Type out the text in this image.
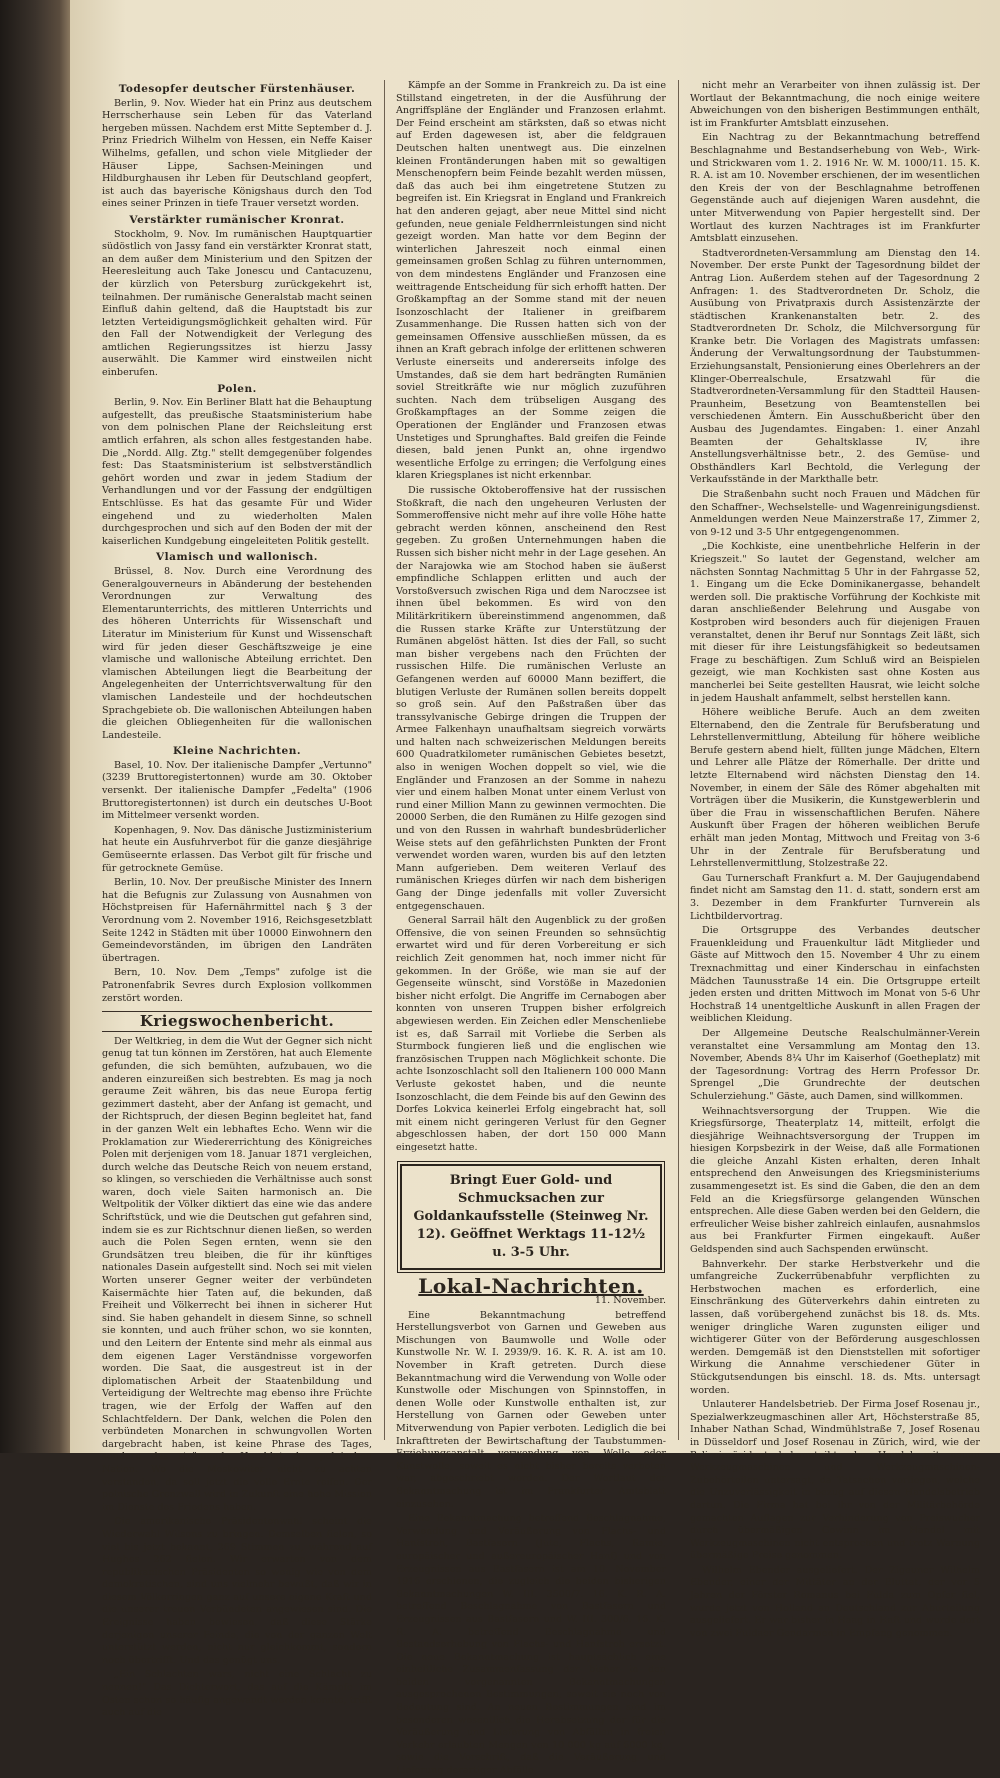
Todesopfer deutscher Fürstenhäuser.

Berlin, 9. Nov. Wieder hat ein Prinz aus deutschem Herrscherhause sein Leben für das Vaterland hergeben müssen. Nachdem erst Mitte September d. J. Prinz Friedrich Wilhelm von Hessen, ein Neffe Kaiser Wilhelms, gefallen, und schon viele Mitglieder der Häuser Lippe, Sachsen-Meiningen und Hildburghausen ihr Leben für Deutschland geopfert, ist auch das bayerische Königshaus durch den Tod eines seiner Prinzen in tiefe Trauer versetzt worden.

Verstärkter rumänischer Kronrat.

Stockholm, 9. Nov. Im rumänischen Hauptquartier südöstlich von Jassy fand ein verstärkter Kronrat statt, an dem außer dem Ministerium und den Spitzen der Heeresleitung auch Take Jonescu und Cantacuzenu, der kürzlich von Petersburg zurückgekehrt ist, teilnahmen. Der rumänische Generalstab macht seinen Einfluß dahin geltend, daß die Hauptstadt bis zur letzten Verteidigungsmöglichkeit gehalten wird. Für den Fall der Notwendigkeit der Verlegung des amtlichen Regierungssitzes ist hierzu Jassy auserwählt. Die Kammer wird einstweilen nicht einberufen.

Polen.

Berlin, 9. Nov. Ein Berliner Blatt hat die Behauptung aufgestellt, das preußische Staatsministerium habe von dem polnischen Plane der Reichsleitung erst amtlich erfahren, als schon alles festgestanden habe. Die „Nordd. Allg. Ztg." stellt demgegenüber folgendes fest: Das Staatsministerium ist selbstverständlich gehört worden und zwar in jedem Stadium der Verhandlungen und vor der Fassung der endgültigen Entschlüsse. Es hat das gesamte Für und Wider eingehend und zu wiederholten Malen durchgesprochen und sich auf den Boden der mit der kaiserlichen Kundgebung eingeleiteten Politik gestellt.

Vlamisch und wallonisch.

Brüssel, 8. Nov. Durch eine Verordnung des Generalgouverneurs in Abänderung der bestehenden Verordnungen zur Verwaltung des Elementarunterrichts, des mittleren Unterrichts und des höheren Unterrichts für Wissenschaft und Literatur im Ministerium für Kunst und Wissenschaft wird für jeden dieser Geschäftszweige je eine vlamische und wallonische Abteilung errichtet. Den vlamischen Abteilungen liegt die Bearbeitung der Angelegenheiten der Unterrichtsverwaltung für den vlamischen Landesteile und der hochdeutschen Sprachgebiete ob. Die wallonischen Abteilungen haben die gleichen Obliegenheiten für die wallonischen Landesteile.

Kleine Nachrichten.

Basel, 10. Nov. Der italienische Dampfer „Vertunno" (3239 Bruttoregistertonnen) wurde am 30. Oktober versenkt. Der italienische Dampfer „Fedelta" (1906 Bruttoregistertonnen) ist durch ein deutsches U-Boot im Mittelmeer versenkt worden.

Kopenhagen, 9. Nov. Das dänische Justizministerium hat heute ein Ausfuhrverbot für die ganze diesjährige Gemüseernte erlassen. Das Verbot gilt für frische und für getrocknete Gemüse.

Berlin, 10. Nov. Der preußische Minister des Innern hat die Befugnis zur Zulassung von Ausnahmen von Höchstpreisen für Hafernährmittel nach § 3 der Verordnung vom 2. November 1916, Reichsgesetzblatt Seite 1242 in Städten mit über 10000 Einwohnern den Gemeindevorständen, im übrigen den Landräten übertragen.

Bern, 10. Nov. Dem „Temps" zufolge ist die Patronenfabrik Sevres durch Explosion vollkommen zerstört worden.

Kriegswochenbericht.

Der Weltkrieg, in dem die Wut der Gegner sich nicht genug tat tun können im Zerstören, hat auch Elemente gefunden, die sich bemühten, aufzubauen, wo die anderen einzureißen sich bestrebten. Es mag ja noch geraume Zeit währen, bis das neue Europa fertig gezimmert dasteht, aber der Anfang ist gemacht, und der Richtspruch, der diesen Beginn begleitet hat, fand in der ganzen Welt ein lebhaftes Echo. Wenn wir die Proklamation zur Wiedererrichtung des Königreiches Polen mit derjenigen vom 18. Januar 1871 vergleichen, durch welche das Deutsche Reich von neuem erstand, so klingen, so verschieden die Verhältnisse auch sonst waren, doch viele Saiten harmonisch an. Die Weltpolitik der Völker diktiert das eine wie das andere Schriftstück, und wie die Deutschen gut gefahren sind, indem sie es zur Richtschnur dienen ließen, so werden auch die Polen Segen ernten, wenn sie den Grundsätzen treu bleiben, die für ihr künftiges nationales Dasein aufgestellt sind. Noch sei mit vielen Worten unserer Gegner weiter der verbündeten Kaisermächte hier Taten auf, die bekunden, daß Freiheit und Völkerrecht bei ihnen in sicherer Hut sind. Sie haben gehandelt in diesem Sinne, so schnell sie konnten, und auch früher schon, wo sie konnten, und den Leitern der Entente sind mehr als einmal aus dem eigenen Lager Verständnisse vorgeworfen worden. Die Saat, die ausgestreut ist in der diplomatischen Arbeit der Staatenbildung und Verteidigung der Weltrechte mag ebenso ihre Früchte tragen, wie der Erfolg der Waffen auf den Schlachtfeldern. Der Dank, welchen die Polen den verbündeten Monarchen in schwungvollen Worten dargebracht haben, ist keine Phrase des Tages, sondern das strömende Herzblut der polnischen Nation. Wo die Moskowiter nicht zu achten verstanden, da soll jetzt die volle Ernte reifen. Der polnische Grenzwall wird in Zukunft eine hohe Mission im Dienste des Friedens haben.

Die amerikanische Präsidentenwahl scheint die Wiederwahl Wilsons zu bringen. Demselben fielen, so viel bis jetzt bekannt, 269 Stimmen zu, während auf Hughes 262 fielen. Wir erwarten von dem republikanischen Präsidenten so wenig wie von dem demokratischen, sind uns vielmehr bewußt, daß wir in diesem Völkerringen ganz auf unsere eigene Kraft und die unserer treuen Verbündeten angewiesen sind. Die Ereignisse haben bewiesen, daß diese Stärke derjenigen unserer Feinde, die von der ganzen Welt unterstützt werden, nicht nur gleichkommt, sondern noch übertrifft. Und das genügt uns.

„Ein Schlachten wars, nicht eine Schlacht zu nennen!" Das Dichterwort, das auf die Kämpfe im Osten schon so häufig angewandt werden konnte, trifft auch auf die

Kämpfe an der Somme in Frankreich zu. Da ist eine Stillstand eingetreten, in der die Ausführung der Angriffspläne der Engländer und Franzosen erlahmt. Der Feind erscheint am stärksten, daß so etwas nicht auf Erden dagewesen ist, aber die feldgrauen Deutschen halten unentwegt aus. Die einzelnen kleinen Frontänderungen haben mit so gewaltigen Menschenopfern beim Feinde bezahlt werden müssen, daß das auch bei ihm eingetretene Stutzen zu begreifen ist. Ein Kriegsrat in England und Frankreich hat den anderen gejagt, aber neue Mittel sind nicht gefunden, neue geniale Feldherrnleistungen sind nicht gezeigt worden. Man hatte vor dem Beginn der winterlichen Jahreszeit noch einmal einen gemeinsamen großen Schlag zu führen unternommen, von dem mindestens Engländer und Franzosen eine weittragende Entscheidung für sich erhofft hatten. Der Großkampftag an der Somme stand mit der neuen Isonzoschlacht der Italiener in greifbarem Zusammenhange. Die Russen hatten sich von der gemeinsamen Offensive ausschließen müssen, da es ihnen an Kraft gebrach infolge der erlittenen schweren Verluste einerseits und andererseits infolge des Umstandes, daß sie dem hart bedrängten Rumänien soviel Streitkräfte wie nur möglich zuzuführen suchten. Nach dem trübseligen Ausgang des Großkampftages an der Somme zeigen die Operationen der Engländer und Franzosen etwas Unstetiges und Sprunghaftes. Bald greifen die Feinde diesen, bald jenen Punkt an, ohne irgendwo wesentliche Erfolge zu erringen; die Verfolgung eines klaren Kriegsplanes ist nicht erkennbar.

Die russische Oktoberoffensive hat der russischen Stoßkraft, die nach den ungeheuren Verlusten der Sommeroffensive nicht mehr auf ihre volle Höhe hatte gebracht werden können, anscheinend den Rest gegeben. Zu großen Unternehmungen haben die Russen sich bisher nicht mehr in der Lage gesehen. An der Narajowka wie am Stochod haben sie äußerst empfindliche Schlappen erlitten und auch der Vorstoßversuch zwischen Riga und dem Naroczsee ist ihnen übel bekommen. Es wird von den Militärkritikern übereinstimmend angenommen, daß die Russen starke Kräfte zur Unterstützung der Rumänen abgelöst hätten. Ist dies der Fall, so sucht man bisher vergebens nach den Früchten der russischen Hilfe. Die rumänischen Verluste an Gefangenen werden auf 60000 Mann beziffert, die blutigen Verluste der Rumänen sollen bereits doppelt so groß sein. Auf den Paßstraßen über das transsylvanische Gebirge dringen die Truppen der Armee Falkenhayn unaufhaltsam siegreich vorwärts und halten nach schweizerischen Meldungen bereits 600 Quadratkilometer rumänischen Gebietes besetzt, also in wenigen Wochen doppelt so viel, wie die Engländer und Franzosen an der Somme in nahezu vier und einem halben Monat unter einem Verlust von rund einer Million Mann zu gewinnen vermochten. Die 20000 Serben, die den Rumänen zu Hilfe gezogen sind und von den Russen in wahrhaft bundesbrüderlicher Weise stets auf den gefährlichsten Punkten der Front verwendet worden waren, wurden bis auf den letzten Mann aufgerieben. Dem weiteren Verlauf des rumänischen Krieges dürfen wir nach dem bisherigen Gang der Dinge jedenfalls mit voller Zuversicht entgegenschauen.

General Sarrail hält den Augenblick zu der großen Offensive, die von seinen Freunden so sehnsüchtig erwartet wird und für deren Vorbereitung er sich reichlich Zeit genommen hat, noch immer nicht für gekommen. In der Größe, wie man sie auf der Gegenseite wünscht, sind Vorstöße in Mazedonien bisher nicht erfolgt. Die Angriffe im Cernabogen aber konnten von unseren Truppen bisher erfolgreich abgewiesen werden. Ein Zeichen edler Menschenliebe ist es, daß Sarrail mit Vorliebe die Serben als Sturmbock fungieren ließ und die englischen wie französischen Truppen nach Möglichkeit schonte. Die achte Isonzoschlacht soll den Italienern 100 000 Mann Verluste gekostet haben, und die neunte Isonzoschlacht, die dem Feinde bis auf den Gewinn des Dorfes Lokvica keinerlei Erfolg eingebracht hat, soll mit einem nicht geringeren Verlust für den Gegner abgeschlossen haben, der dort 150 000 Mann eingesetzt hatte.

Bringt Euer Gold- und Schmucksachen zur Goldankaufsstelle (Steinweg Nr. 12). Geöffnet Werktags 11-12½ u. 3-5 Uhr.
Lokal-Nachrichten.
11. November.

Eine Bekanntmachung betreffend Herstellungsverbot von Garnen und Geweben aus Mischungen von Baumwolle und Wolle oder Kunstwolle Nr. W. I. 2939/9. 16. K. R. A. ist am 10. November in Kraft getreten. Durch diese Bekanntmachung wird die Verwendung von Wolle oder Kunstwolle oder Mischungen von Spinnstoffen, in denen Wolle oder Kunstwolle enthalten ist, zur Herstellung von Garnen oder Geweben unter Mitverwendung von Papier verboten. Lediglich die bei Inkrafttreten der Bewirtschaftung der Taubstummen-Erziehungsanstalt verwendung von Wolle oder Kunstwolle, soweit es nicht bisher bereits verboten war, abgeschriebt worden. Der Wortlaut der Bekanntmachung ist im Frankfurter Amtsblatt einzusehen.

Eine Bekanntmachung betreffend Beschlagnahme, Verwendung und Veräußerung von Flachs- und Hanfstroh, Bastfasern (Jute, Flachs, Ramie, europäischer und außereuropäischer Hanf) und von Erzeugnissen aus Bastfasern ist am 10. November 1916 erschienen, die zugleich die beiden bisherigen Bekanntmachungen W. III. 3500/7. 16. K. R. A. betreffend Beschlagnahme von Bastfasern und Erzeugnissen aus Bastfasern und W. III. 300/6. 16. K. R. A. betreffend Beschlagnahme und Bestandserhebung von Flachs- und Hanfstroh ersetzt. Die neue Bekanntmachung ist hauptsächlich eine einheitliche Zusammenfassung der bisher in den beiden vorgenannten Bekanntmachungen ausgesprochenen Bestimmungen, soweit sie noch von Bedeutung sind. An neuen Bestimmungen sind im besonderen wesentlich die Herabsetzung der für die Veräußerung und Lieferung von Abfällen in freien Verkehr erlaubten Mengen von 10 000 kg auf 6000 kg, sowie die Vorschrift, daß die Veräußerung und Lieferung derartiger Abfälle

nicht mehr an Verarbeiter von ihnen zulässig ist. Der Wortlaut der Bekanntmachung, die noch einige weitere Abweichungen von den bisherigen Bestimmungen enthält, ist im Frankfurter Amtsblatt einzusehen.

Ein Nachtrag zu der Bekanntmachung betreffend Beschlagnahme und Bestandserhebung von Web-, Wirk- und Strickwaren vom 1. 2. 1916 Nr. W. M. 1000/11. 15. K. R. A. ist am 10. November erschienen, der im wesentlichen den Kreis der von der Beschlagnahme betroffenen Gegenstände auch auf diejenigen Waren ausdehnt, die unter Mitverwendung von Papier hergestellt sind. Der Wortlaut des kurzen Nachtrages ist im Frankfurter Amtsblatt einzusehen.

Stadtverordneten-Versammlung am Dienstag den 14. November. Der erste Punkt der Tagesordnung bildet der Antrag Lion. Außerdem stehen auf der Tagesordnung 2 Anfragen: 1. des Stadtverordneten Dr. Scholz, die Ausübung von Privatpraxis durch Assistenzärzte der städtischen Krankenanstalten betr. 2. des Stadtverordneten Dr. Scholz, die Milchversorgung für Kranke betr. Die Vorlagen des Magistrats umfassen: Änderung der Verwaltungsordnung der Taubstummen-Erziehungsanstalt, Pensionierung eines Oberlehrers an der Klinger-Oberrealschule, Ersatzwahl für die Stadtverordneten-Versammlung für den Stadtteil Hausen-Praunheim, Besetzung von Beamtenstellen bei verschiedenen Ämtern. Ein Ausschußbericht über den Ausbau des Jugendamtes. Eingaben: 1. einer Anzahl Beamten der Gehaltsklasse IV, ihre Anstellungsverhältnisse betr., 2. des Gemüse- und Obsthändlers Karl Bechtold, die Verlegung der Verkaufsstände in der Markthalle betr.

Die Straßenbahn sucht noch Frauen und Mädchen für den Schaffner-, Wechselstelle- und Wagenreinigungsdienst. Anmeldungen werden Neue Mainzerstraße 17, Zimmer 2, von 9-12 und 3-5 Uhr entgegengenommen.

„Die Kochkiste, eine unentbehrliche Helferin in der Kriegszeit." So lautet der Gegenstand, welcher am nächsten Sonntag Nachmittag 5 Uhr in der Fahrgasse 52, 1. Eingang um die Ecke Dominikanergasse, behandelt werden soll. Die praktische Vorführung der Kochkiste mit daran anschließender Belehrung und Ausgabe von Kostproben wird besonders auch für diejenigen Frauen veranstaltet, denen ihr Beruf nur Sonntags Zeit läßt, sich mit dieser für ihre Leistungsfähigkeit so bedeutsamen Frage zu beschäftigen. Zum Schluß wird an Beispielen gezeigt, wie man Kochkisten sast ohne Kosten aus mancherlei bei Seite gestellten Hausrat, wie leicht solche in jedem Haushalt anfammelt, selbst herstellen kann.

Höhere weibliche Berufe. Auch an dem zweiten Elternabend, den die Zentrale für Berufsberatung und Lehrstellenvermittlung, Abteilung für höhere weibliche Berufe gestern abend hielt, füllten junge Mädchen, Eltern und Lehrer alle Plätze der Römerhalle. Der dritte und letzte Elternabend wird nächsten Dienstag den 14. November, in einem der Säle des Römer abgehalten mit Vorträgen über die Musikerin, die Kunstgewerblerin und über die Frau in wissenschaftlichen Berufen. Nähere Auskunft über Fragen der höheren weiblichen Berufe erhält man jeden Montag, Mittwoch und Freitag von 3-6 Uhr in der Zentrale für Berufsberatung und Lehrstellenvermittlung, Stolzestraße 22.

Gau Turnerschaft Frankfurt a. M. Der Gaujugendabend findet nicht am Samstag den 11. d. statt, sondern erst am 3. Dezember in dem Frankfurter Turnverein als Lichtbildervortrag.

Die Ortsgruppe des Verbandes deutscher Frauenkleidung und Frauenkultur lädt Mitglieder und Gäste auf Mittwoch den 15. November 4 Uhr zu einem Trexnachmittag und einer Kinderschau in einfachsten Mädchen Taunusstraße 14 ein. Die Ortsgruppe erteilt jeden ersten und dritten Mittwoch im Monat von 5-6 Uhr Hochstraß 14 unentgeltliche Auskunft in allen Fragen der weiblichen Kleidung.

Der Allgemeine Deutsche Realschulmänner-Verein veranstaltet eine Versammlung am Montag den 13. November, Abends 8¼ Uhr im Kaiserhof (Goetheplatz) mit der Tagesordnung: Vortrag des Herrn Professor Dr. Sprengel „Die Grundrechte der deutschen Schulerziehung." Gäste, auch Damen, sind willkommen.

Weihnachtsversorgung der Truppen. Wie die Kriegsfürsorge, Theaterplatz 14, mitteilt, erfolgt die diesjährige Weihnachtsversorgung der Truppen im hiesigen Korpsbezirk in der Weise, daß alle Formationen die gleiche Anzahl Kisten erhalten, deren Inhalt entsprechend den Anweisungen des Kriegsministeriums zusammengesetzt ist. Es sind die Gaben, die den an dem Feld an die Kriegsfürsorge gelangenden Wünschen entsprechen. Alle diese Gaben werden bei den Geldern, die erfreulicher Weise bisher zahlreich einlaufen, ausnahmslos aus bei Frankfurter Firmen eingekauft. Außer Geldspenden sind auch Sachspenden erwünscht.

Bahnverkehr. Der starke Herbstverkehr und die umfangreiche Zuckerrübenabfuhr verpflichten zu Herbstwochen machen es erforderlich, eine Einschränkung des Güterverkehrs dahin eintreten zu lassen, daß vorübergehend zunächst bis 18. ds. Mts. weniger dringliche Waren zugunsten eiliger und wichtigerer Güter von der Beförderung ausgeschlossen werden. Demgemäß ist den Dienststellen mit sofortiger Wirkung die Annahme verschiedener Güter in Stückgutsendungen bis einschl. 18. ds. Mts. untersagt worden.

Unlauterer Handelsbetrieb. Der Firma Josef Rosenau jr., Spezialwerkzeugmaschinen aller Art, Höchsterstraße 85, Inhaber Nathan Schad, Windmühlstraße 7, Josef Rosenau in Düsseldorf und Josef Rosenau in Zürich, wird, wie der Polizeipräsident bekanntgibt, der Handel mit neuen Werkzeugmaschinen und Werkzeugmaschinen-Zubehörteilen untersagt, da Tatsachen vorliegen, welche die Unzuverlässigkeit in bezug auf diesen Handelsbetrieb dartun. Die Firma hat bei ihr von der Militärbehörde gemachten Auflagen zur Verhinderung von Preiswucher durch übermäßigen Gewinn im Handel mit Werkzeugmaschinen nicht entsprochen und trotz Warnung übermäßige Preise genommen.

Wilhelm Ebender ausgeliefert. Der Zigeuner Wilhelm Ebender, einer der Mittäter an der Bluttat, der vor 5 Jahren der Förster Romanus bei Fulda zum Opfer fiel, wurde jetzt von Holland an Deutschland zur Aburteilung ausgeliefert. Er war bisher in Haag in Haft und wurde dort von zwei Fuldaer Gendarmen in Empfang genommen.
